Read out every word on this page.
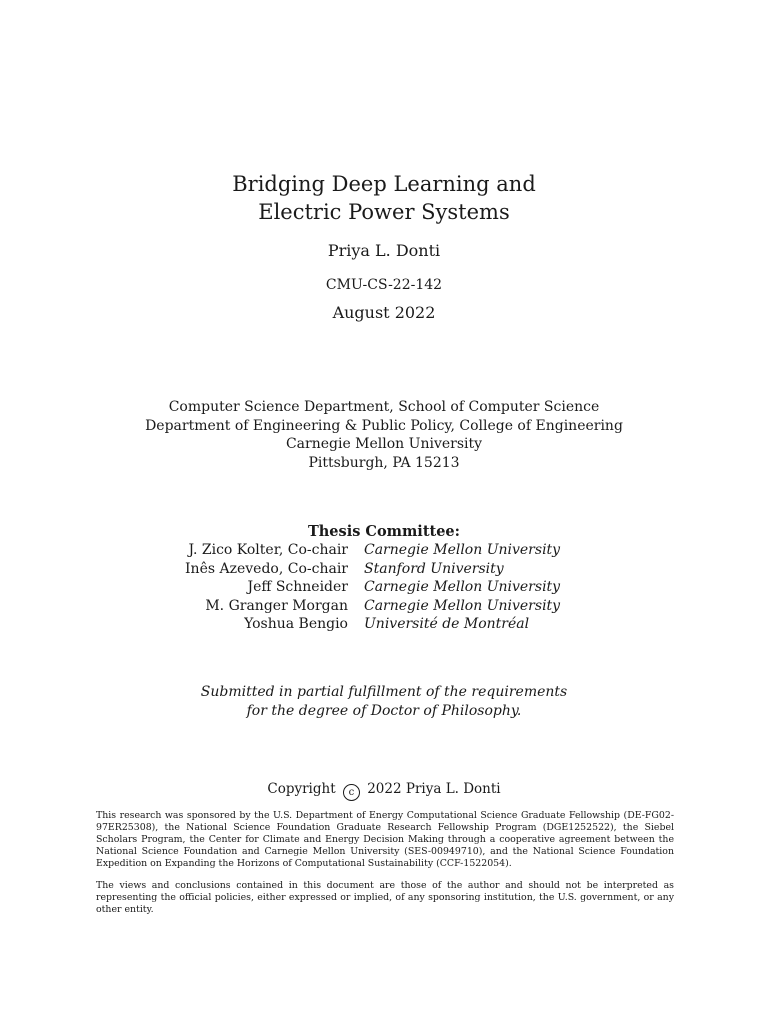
Bridging Deep Learning and
Electric Power Systems
Priya L. Donti
CMU-CS-22-142
August 2022
Computer Science Department, School of Computer Science
Department of Engineering & Public Policy, College of Engineering
Carnegie Mellon University
Pittsburgh, PA 15213
Thesis Committee:
J. Zico Kolter, Co-chair	Carnegie Mellon University
Inês Azevedo, Co-chair	Stanford University
Jeff Schneider	Carnegie Mellon University
M. Granger Morgan	Carnegie Mellon University
Yoshua Bengio	Université de Montréal
Submitted in partial fulfillment of the requirements
for the degree of Doctor of Philosophy.
Copyright c 2022 Priya L. Donti
This research was sponsored by the U.S. Department of Energy Computational Science Graduate Fellowship (DE-FG02-97ER25308), the National Science Foundation Graduate Research Fellowship Program (DGE1252522), the Siebel Scholars Program, the Center for Climate and Energy Decision Making through a cooperative agreement between the National Science Foundation and Carnegie Mellon University (SES-00949710), and the National Science Foundation Expedition on Expanding the Horizons of Computational Sustainability (CCF-1522054).
The views and conclusions contained in this document are those of the author and should not be interpreted as representing the official policies, either expressed or implied, of any sponsoring institution, the U.S. government, or any other entity.
